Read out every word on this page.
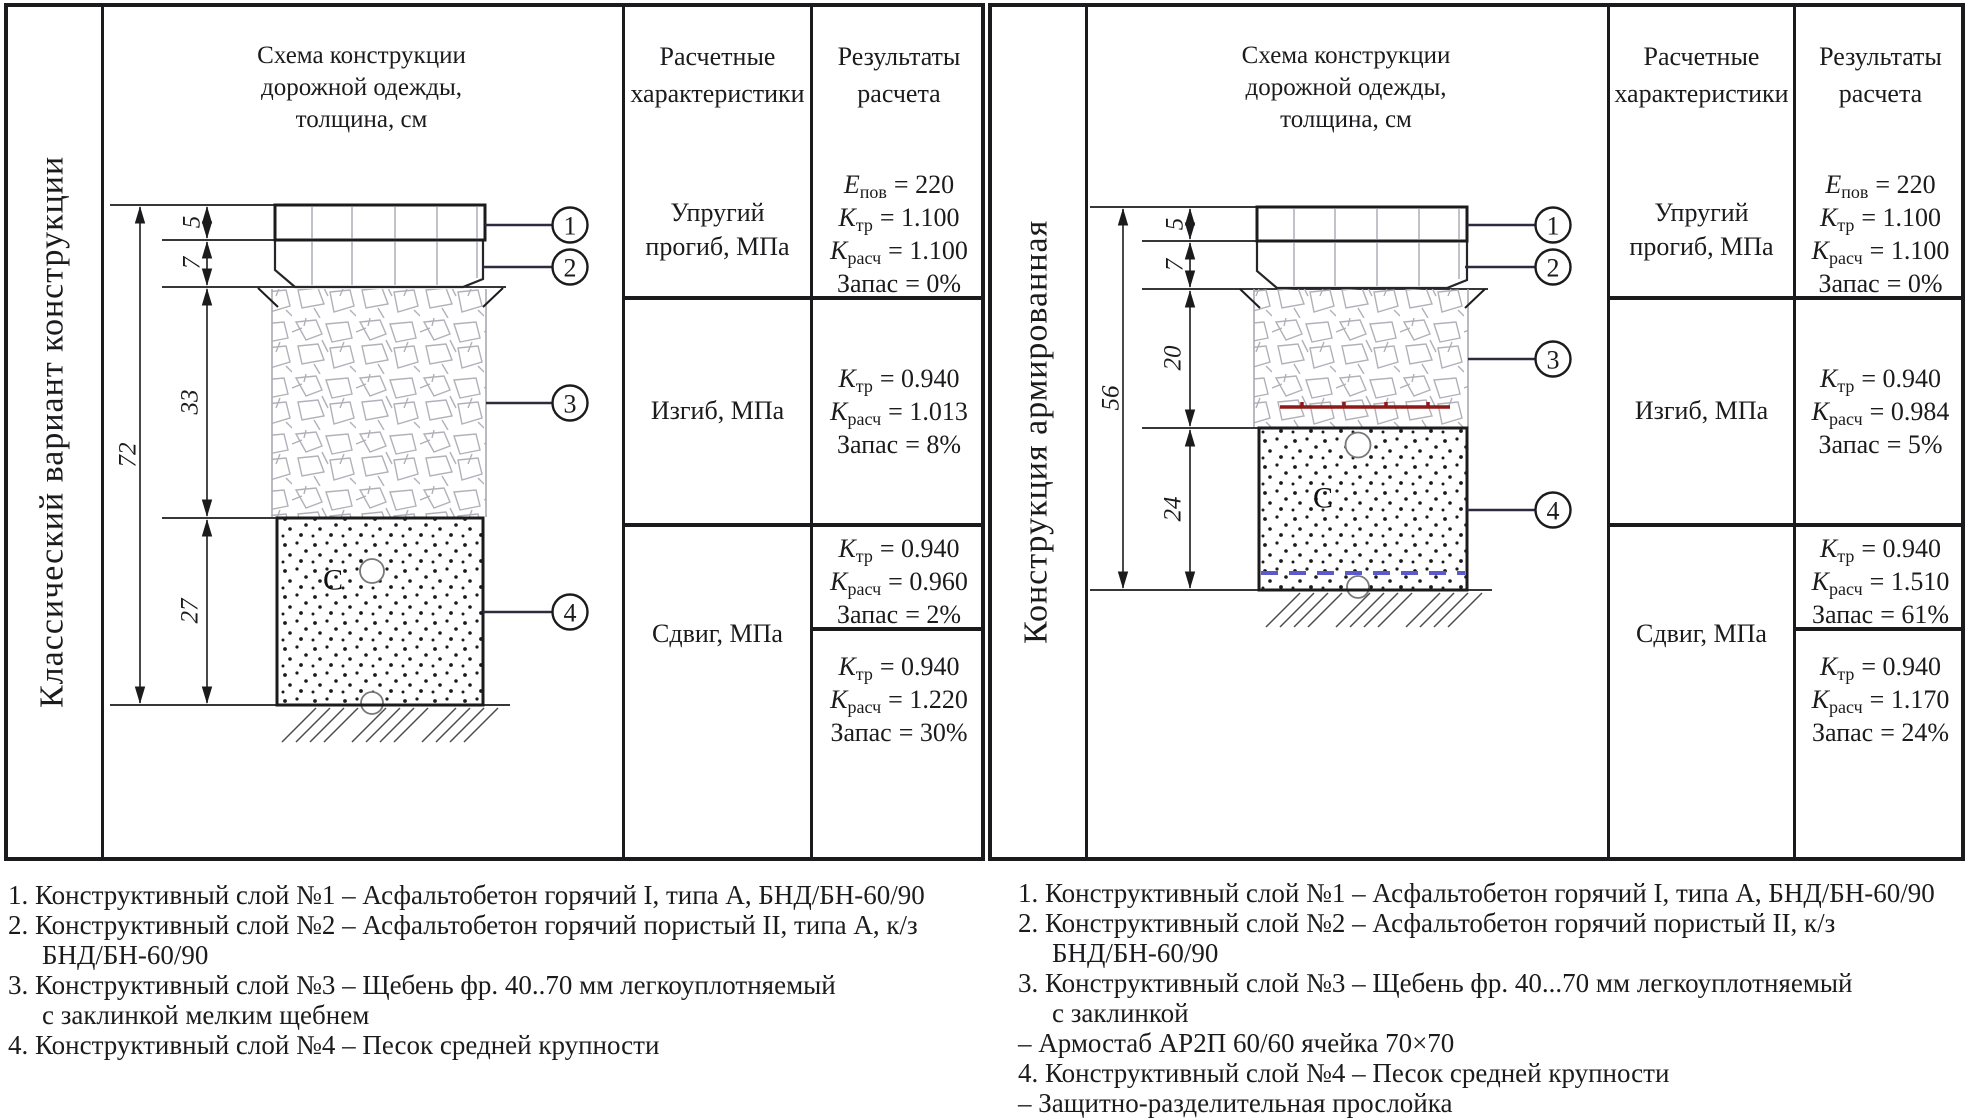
Классический вариант конструкции
Схема конструкции
дорожной одежды,
толщина, см
Расчетные
характеристики
Результаты
расчета
Упругий
прогиб, МПа
$E_{пов} = 220$
$K_{тр} = 1.100$
$K_{расч} = 1.100$
Запас = 0%
Изгиб, МПа
$K_{тр} = 0.940$
$K_{расч} = 1.013$
Запас = 8%
Сдвиг, МПа
$K_{тр} = 0.940$
$K_{расч} = 0.960$
Запас = 2%
$K_{тр} = 0.940$
$K_{расч} = 1.220$
Запас = 30%
72
5
7
33
27
C
1
2
3
4
1. Конструктивный слой №1 – Асфальтобетон горячий I, типа А, БНД/БН-60/90
2. Конструктивный слой №2 – Асфальтобетон горячий пористый II, типа А, к/з
БНД/БН-60/90
3. Конструктивный слой №3 – Щебень фр. 40..70 мм легкоуплотняемый
с заклинкой мелким щебнем
4. Конструктивный слой №4 – Песок средней крупности
Конструкция армированная
Схема конструкции
дорожной одежды,
толщина, см
Расчетные
характеристики
Результаты
расчета
Упругий
прогиб, МПа
$E_{пов} = 220$
$K_{тр} = 1.100$
$K_{расч} = 1.100$
Запас = 0%
Изгиб, МПа
$K_{тр} = 0.940$
$K_{расч} = 0.984$
Запас = 5%
Сдвиг, МПа
$K_{тр} = 0.940$
$K_{расч} = 1.510$
Запас = 61%
$K_{тр} = 0.940$
$K_{расч} = 1.170$
Запас = 24%
56
5
7
20
24	C
1
2
3
4
1. Конструктивный слой №1 – Асфальтобетон горячий I, типа А, БНД/БН-60/90
2. Конструктивный слой №2 – Асфальтобетон горячий пористый II, к/з
БНД/БН-60/90
3. Конструктивный слой №3 – Щебень фр. 40...70 мм легкоуплотняемый
с заклинкой
– Армостаб АР2П 60/60 ячейка 70×70
4. Конструктивный слой №4 – Песок средней крупности
– Защитно-разделительная прослойка
